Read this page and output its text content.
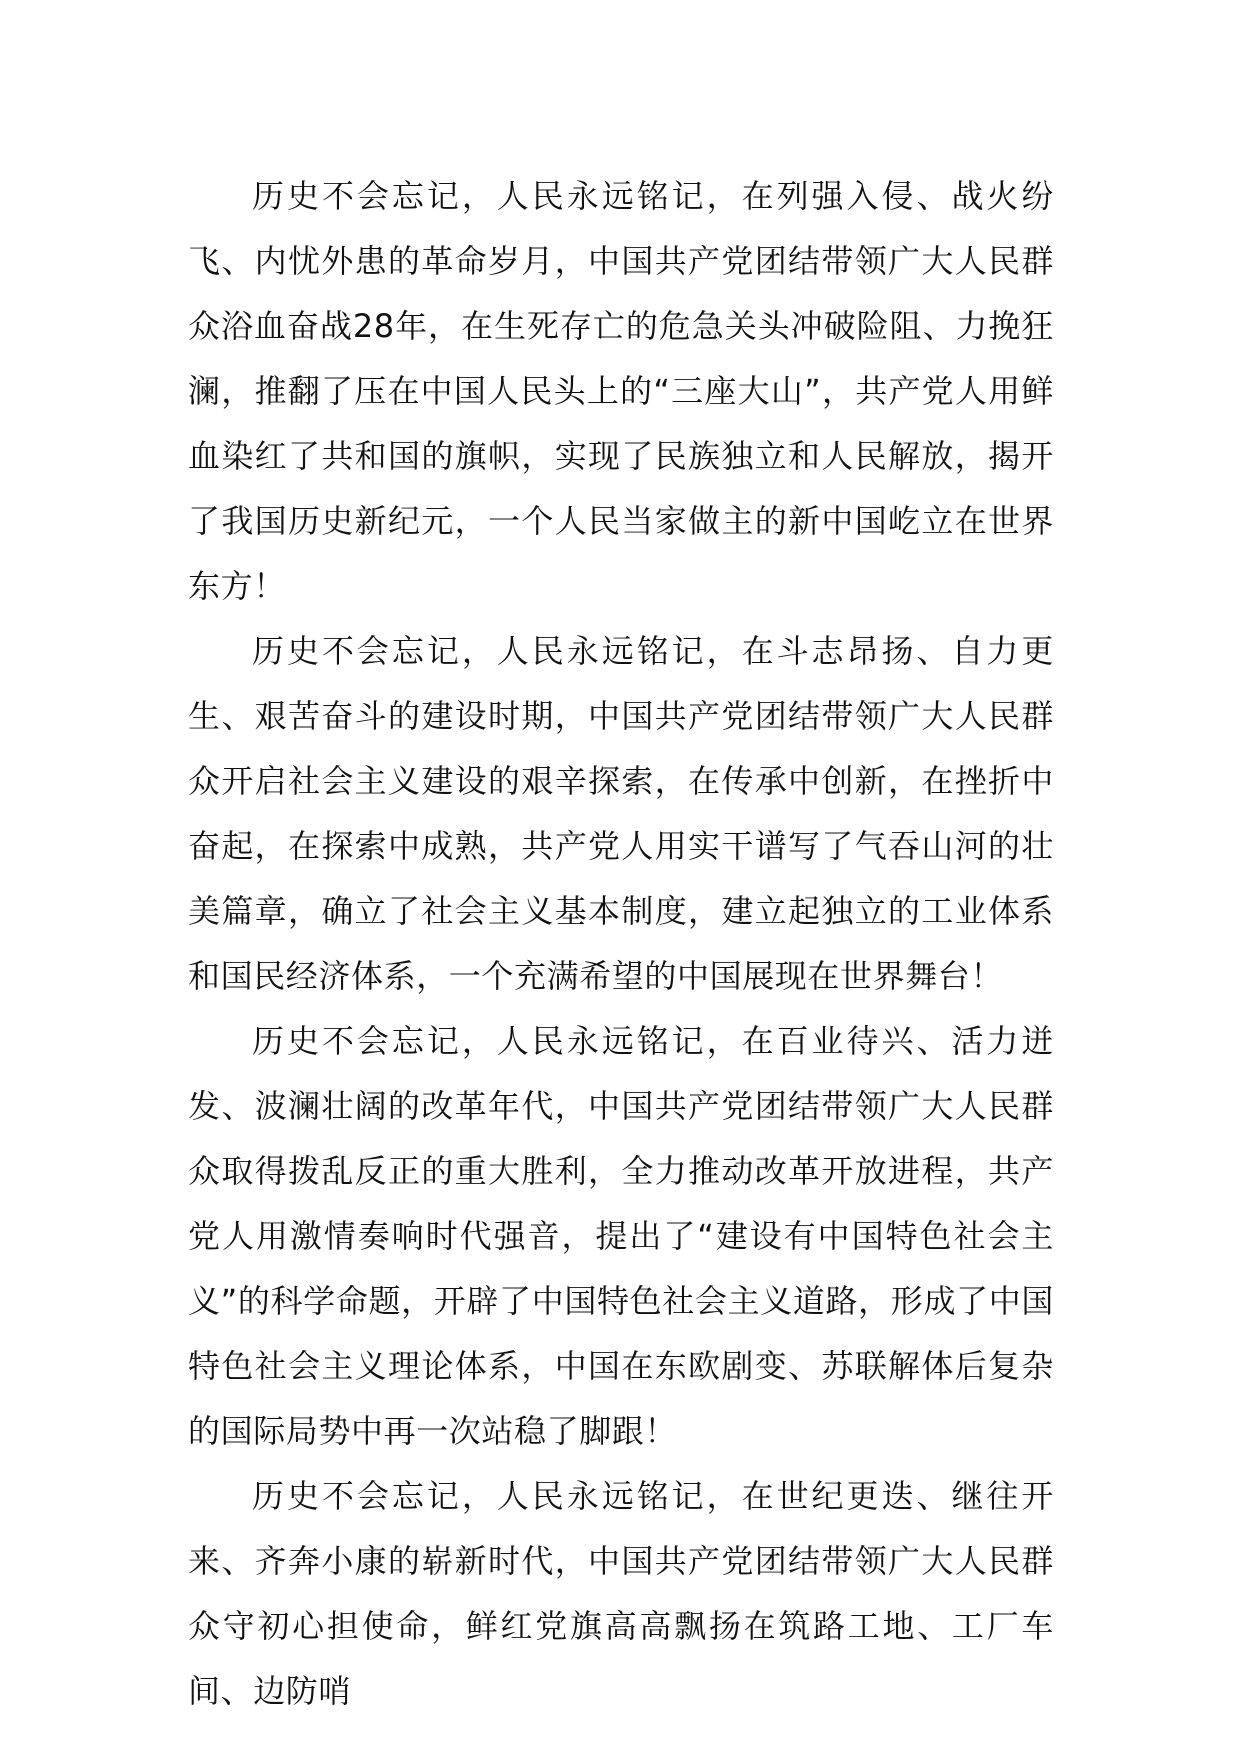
历史不会忘记，人民永远铭记，在列强入侵、战火纷飞、内忧外患的革命岁月，中国共产党团结带领广大人民群众浴血奋战28年，在生死存亡的危急关头冲破险阻、力挽狂澜，推翻了压在中国人民头上的“三座大山”，共产党人用鲜血染红了共和国的旗帜，实现了民族独立和人民解放，揭开了我国历史新纪元，一个人民当家做主的新中国屹立在世界东方！

历史不会忘记，人民永远铭记，在斗志昂扬、自力更生、艰苦奋斗的建设时期，中国共产党团结带领广大人民群众开启社会主义建设的艰辛探索，在传承中创新，在挫折中奋起，在探索中成熟，共产党人用实干谱写了气吞山河的壮美篇章，确立了社会主义基本制度，建立起独立的工业体系和国民经济体系，一个充满希望的中国展现在世界舞台！

历史不会忘记，人民永远铭记，在百业待兴、活力迸发、波澜壮阔的改革年代，中国共产党团结带领广大人民群众取得拨乱反正的重大胜利，全力推动改革开放进程，共产党人用激情奏响时代强音，提出了“建设有中国特色社会主义”的科学命题，开辟了中国特色社会主义道路，形成了中国特色社会主义理论体系，中国在东欧剧变、苏联解体后复杂的国际局势中再一次站稳了脚跟！

历史不会忘记，人民永远铭记，在世纪更迭、继往开来、齐奔小康的崭新时代，中国共产党团结带领广大人民群众守初心担使命，鲜红党旗高高飘扬在筑路工地、工厂车间、边防哨
